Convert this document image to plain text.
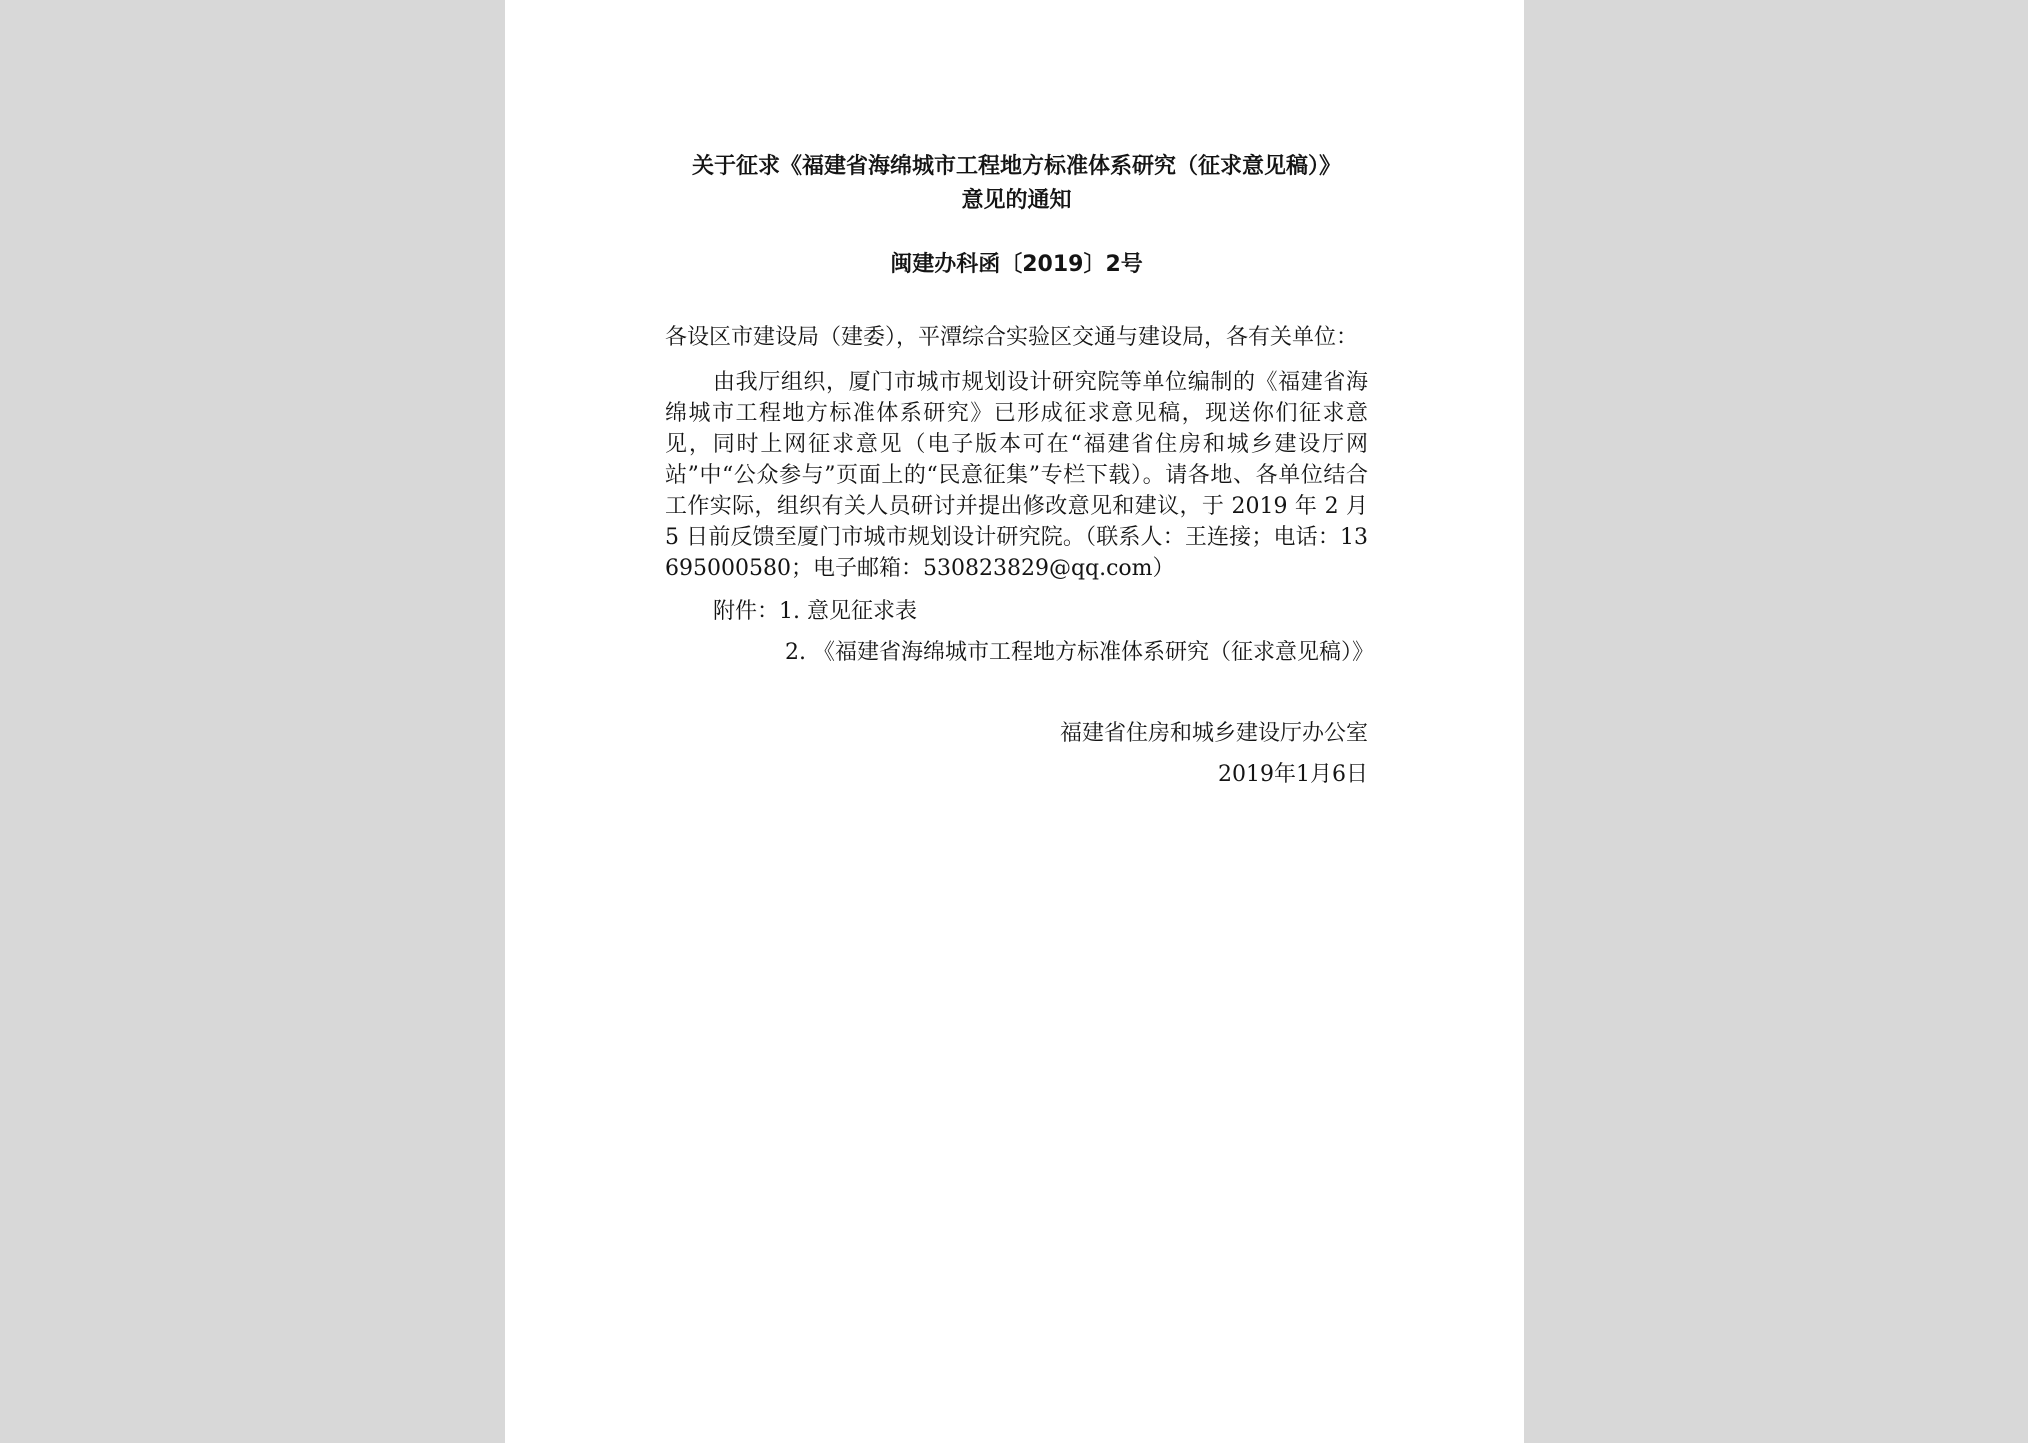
关于征求《福建省海绵城市工程地方标准体系研究（征求意见稿）》
意见的通知

闽建办科函〔2019〕2号

各设区市建设局（建委），平潭综合实验区交通与建设局，各有关单位：

由我厅组织，厦门市城市规划设计研究院等单位编制的《福建省海绵城市工程地方标准体系研究》已形成征求意见稿，现送你们征求意见，同时上网征求意见（电子版本可在“福建省住房和城乡建设厅网站”中“公众参与”页面上的“民意征集”专栏下载）。请各地、各单位结合工作实际，组织有关人员研讨并提出修改意见和建议，于 2019 年 2 月 5 日前反馈至厦门市城市规划设计研究院。（联系人：王连接；电话：13695000580；电子邮箱：530823829@qq.com）

附件：1. 意见征求表

2. 《福建省海绵城市工程地方标准体系研究（征求意见稿）》

福建省住房和城乡建设厅办公室

2019年1月6日
